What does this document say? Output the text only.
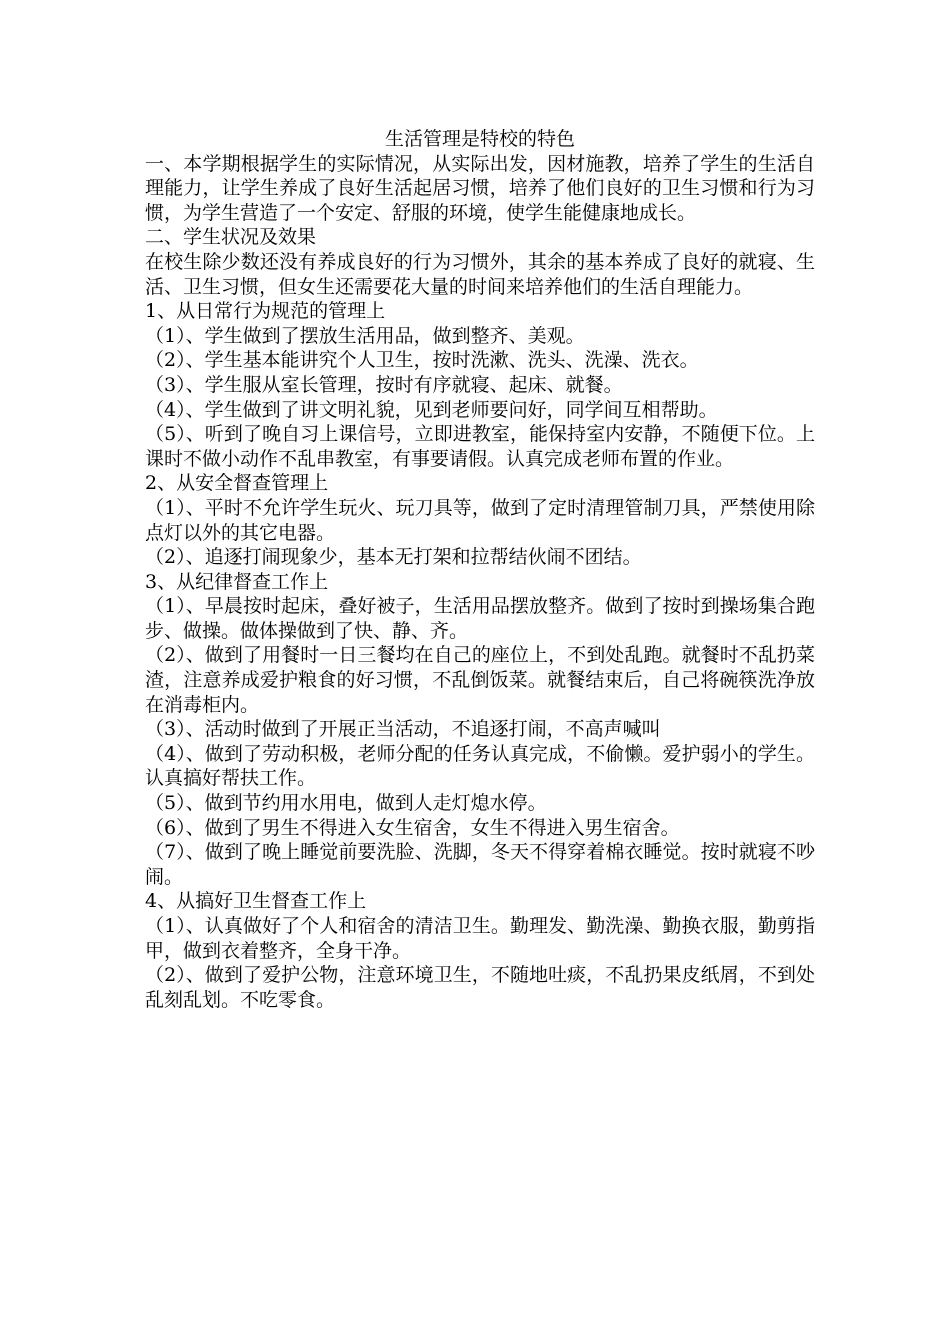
生活管理是特校的特色

一、本学期根据学生的实际情况，从实际出发，因材施教，培养了学生的生活自理能力，让学生养成了良好生活起居习惯，培养了他们良好的卫生习惯和行为习惯，为学生营造了一个安定、舒服的环境，使学生能健康地成长。

二、学生状况及效果

在校生除少数还没有养成良好的行为习惯外，其余的基本养成了良好的就寝、生活、卫生习惯，但女生还需要花大量的时间来培养他们的生活自理能力。

1、从日常行为规范的管理上

（1）、学生做到了摆放生活用品，做到整齐、美观。

（2）、学生基本能讲究个人卫生，按时洗漱、洗头、洗澡、洗衣。

（3）、学生服从室长管理，按时有序就寝、起床、就餐。

（4）、学生做到了讲文明礼貌，见到老师要问好，同学间互相帮助。

（5）、听到了晚自习上课信号，立即进教室，能保持室内安静，不随便下位。上课时不做小动作不乱串教室，有事要请假。认真完成老师布置的作业。

2、从安全督查管理上

（1）、平时不允许学生玩火、玩刀具等，做到了定时清理管制刀具，严禁使用除点灯以外的其它电器。

（2）、追逐打闹现象少，基本无打架和拉帮结伙闹不团结。

3、从纪律督查工作上

（1）、早晨按时起床，叠好被子，生活用品摆放整齐。做到了按时到操场集合跑步、做操。做体操做到了快、静、齐。

（2）、做到了用餐时一日三餐均在自己的座位上，不到处乱跑。就餐时不乱扔菜渣，注意养成爱护粮食的好习惯，不乱倒饭菜。就餐结束后，自己将碗筷洗净放在消毒柜内。

（3）、活动时做到了开展正当活动，不追逐打闹，不高声喊叫

（4）、做到了劳动积极，老师分配的任务认真完成，不偷懒。爱护弱小的学生。认真搞好帮扶工作。

（5）、做到节约用水用电，做到人走灯熄水停。

（6）、做到了男生不得进入女生宿舍，女生不得进入男生宿舍。

（7）、做到了晚上睡觉前要洗脸、洗脚，冬天不得穿着棉衣睡觉。按时就寝不吵闹。

4、从搞好卫生督查工作上

（1）、认真做好了个人和宿舍的清洁卫生。勤理发、勤洗澡、勤换衣服，勤剪指甲，做到衣着整齐，全身干净。

（2）、做到了爱护公物，注意环境卫生，不随地吐痰，不乱扔果皮纸屑，不到处乱刻乱划。不吃零食。
